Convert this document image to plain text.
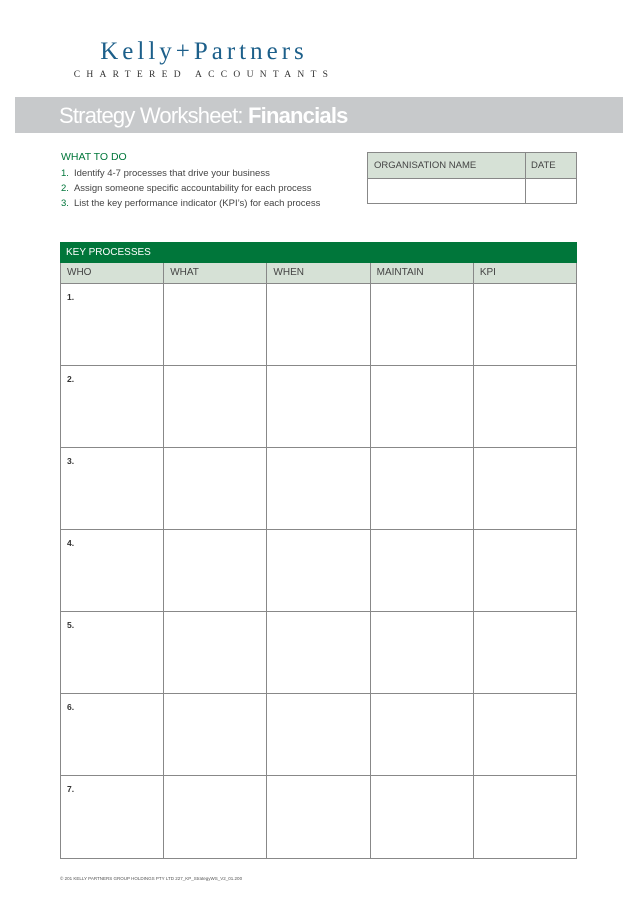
Kelly+Partners
CHARTERED ACCOUNTANTS
Strategy Worksheet: Financials
WHAT TO DO
1. Identify 4-7 processes that drive your business
2. Assign someone specific accountability for each process
3. List the key performance indicator (KPI’s) for each process
ORGANISATION NAME	DATE
KEY PROCESSES
WHO	WHAT	WHEN	MAINTAIN	KPI
1.
2.
3.
4.
5.
6.
7.
© 201 KELLY PARTNERS GROUP HOLDINGS PTY LTD 227_KP_StrategyWS_V2_01.200
